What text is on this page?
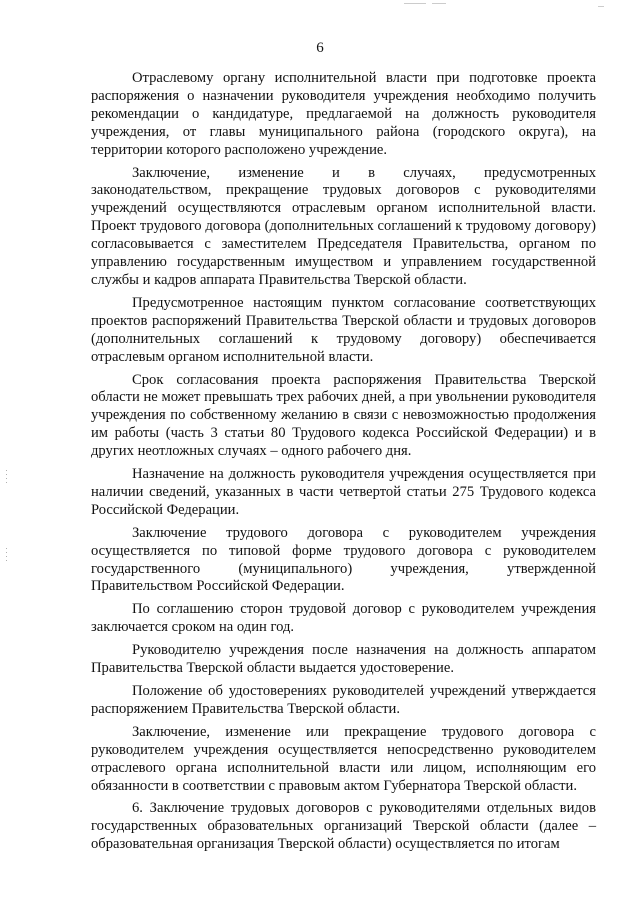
6

Отраслевому органу исполнительной власти при подготовке проекта распоряжения о назначении руководителя учреждения необходимо получить рекомендации о кандидатуре, предлагаемой на должность руководителя учреждения, от главы муниципального района (городского округа), на территории которого расположено учреждение.

Заключение, изменение и в случаях, предусмотренных законодательством, прекращение трудовых договоров с руководителями учреждений осуществляются отраслевым органом исполнительной власти. Проект трудового договора (дополнительных соглашений к трудовому договору) согласовывается с заместителем Председателя Правительства, органом по управлению государственным имуществом и управлением государственной службы и кадров аппарата Правительства Тверской области.

Предусмотренное настоящим пунктом согласование соответствующих проектов распоряжений Правительства Тверской области и трудовых договоров (дополнительных соглашений к трудовому договору) обеспечивается отраслевым органом исполнительной власти.

Срок согласования проекта распоряжения Правительства Тверской области не может превышать трех рабочих дней, а при увольнении руководителя учреждения по собственному желанию в связи с невозможностью продолжения им работы (часть 3 статьи 80 Трудового кодекса Российской Федерации) и в других неотложных случаях – одного рабочего дня.

Назначение на должность руководителя учреждения осуществляется при наличии сведений, указанных в части четвертой статьи 275 Трудового кодекса Российской Федерации.

Заключение трудового договора с руководителем учреждения осуществляется по типовой форме трудового договора с руководителем государственного (муниципального) учреждения, утвержденной Правительством Российской Федерации.

По соглашению сторон трудовой договор с руководителем учреждения заключается сроком на один год.

Руководителю учреждения после назначения на должность аппаратом Правительства Тверской области выдается удостоверение.

Положение об удостоверениях руководителей учреждений утверждается распоряжением Правительства Тверской области.

Заключение, изменение или прекращение трудового договора с руководителем учреждения осуществляется непосредственно руководителем отраслевого органа исполнительной власти или лицом, исполняющим его обязанности в соответствии с правовым актом Губернатора Тверской области.

6. Заключение трудовых договоров с руководителями отдельных видов государственных образовательных организаций Тверской области (далее – образовательная организация Тверской области) осуществляется по итогам
